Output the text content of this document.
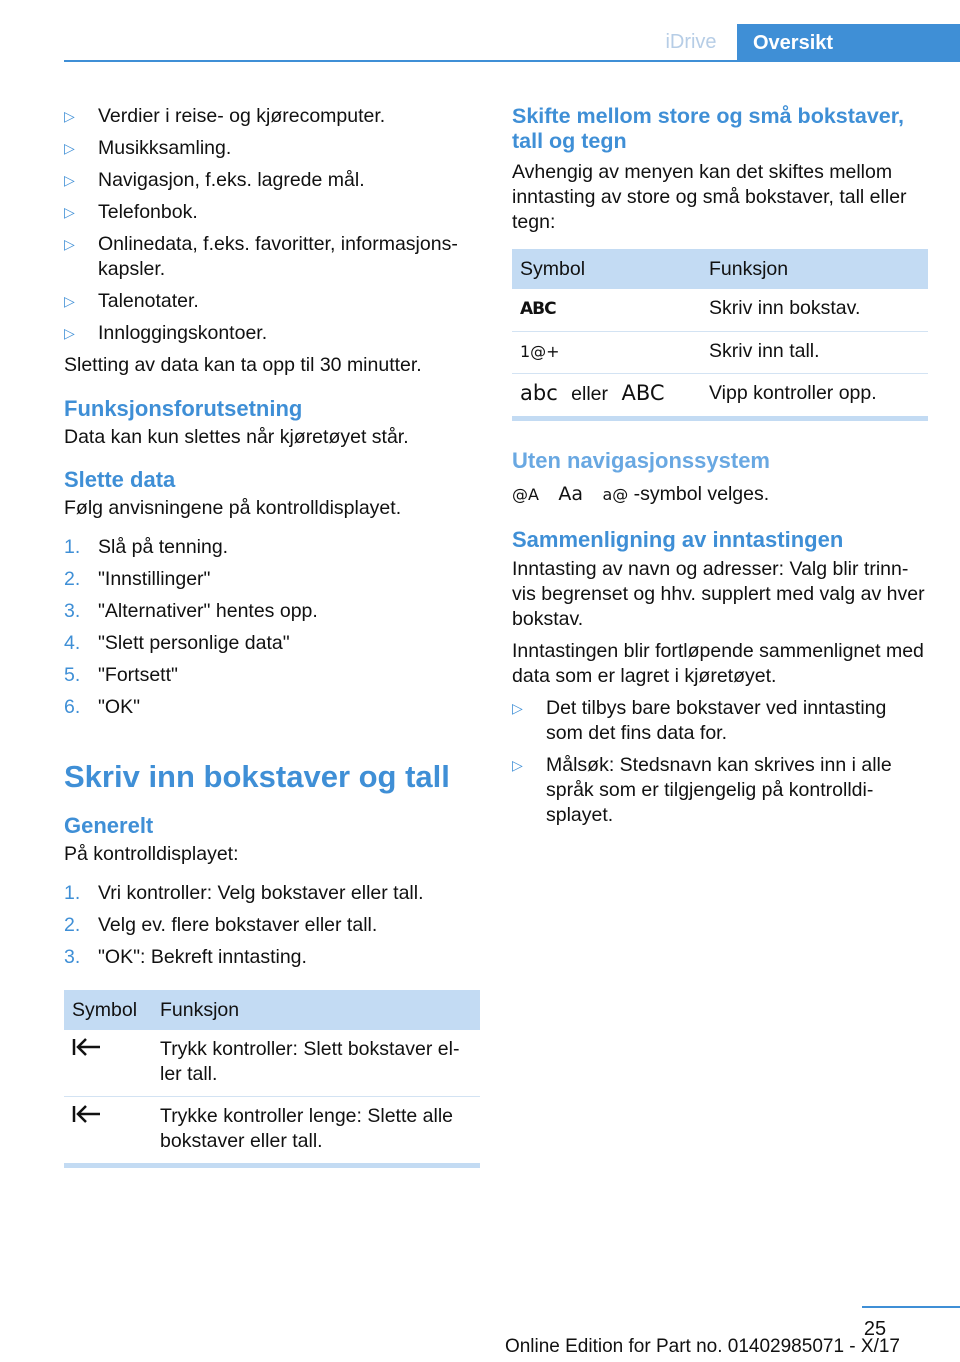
iDrive	Oversikt
▷ Verdier i reise- og kjørecomputer.
▷ Musikksamling.
▷ Navigasjon, f.eks. lagrede mål.
▷ Telefonbok.
▷ Onlinedata, f.eks. favoritter, informasjons-kapsler.
▷ Talenotater.
▷ Innloggingskontoer.
Sletting av data kan ta opp til 30 minutter.
Funksjonsforutsetning
Data kan kun slettes når kjøretøyet står.
Slette data
Følg anvisningene på kontrolldisplayet.
1. Slå på tenning.
2. "Innstillinger"
3. "Alternativer" hentes opp.
4. "Slett personlige data"
5. "Fortsett"
6. "OK"
Skriv inn bokstaver og tall
Generelt
På kontrolldisplayet:
1. Vri kontroller: Velg bokstaver eller tall.
2. Velg ev. flere bokstaver eller tall.
3. "OK": Bekreft inntasting.
Symbol	Funksjon
	Trykk kontroller: Slett bokstaver el-ler tall.
	Trykke kontroller lenge: Slette alle bokstaver eller tall.
Skifte mellom store og små bokstaver, tall og tegn
Avhengig av menyen kan det skiftes mellom inntasting av store og små bokstaver, tall eller tegn:
Symbol	Funksjon
ABC	Skriv inn bokstav.
1@+	Skriv inn tall.
abc eller ABC	Vipp kontroller opp.
Uten navigasjonssystem
@A Aa a@ -symbol velges.
Sammenligning av inntastingen
Inntasting av navn og adresser: Valg blir trinn-vis begrenset og hhv. supplert med valg av hver bokstav.
Inntastingen blir fortløpende sammenlignet med data som er lagret i kjøretøyet.
▷ Det tilbys bare bokstaver ved inntasting som det fins data for.
▷ Målsøk: Stedsnavn kan skrives inn i alle språk som er tilgjengelig på kontrolldi-splayet.
25
Online Edition for Part no. 01402985071 - X/17
